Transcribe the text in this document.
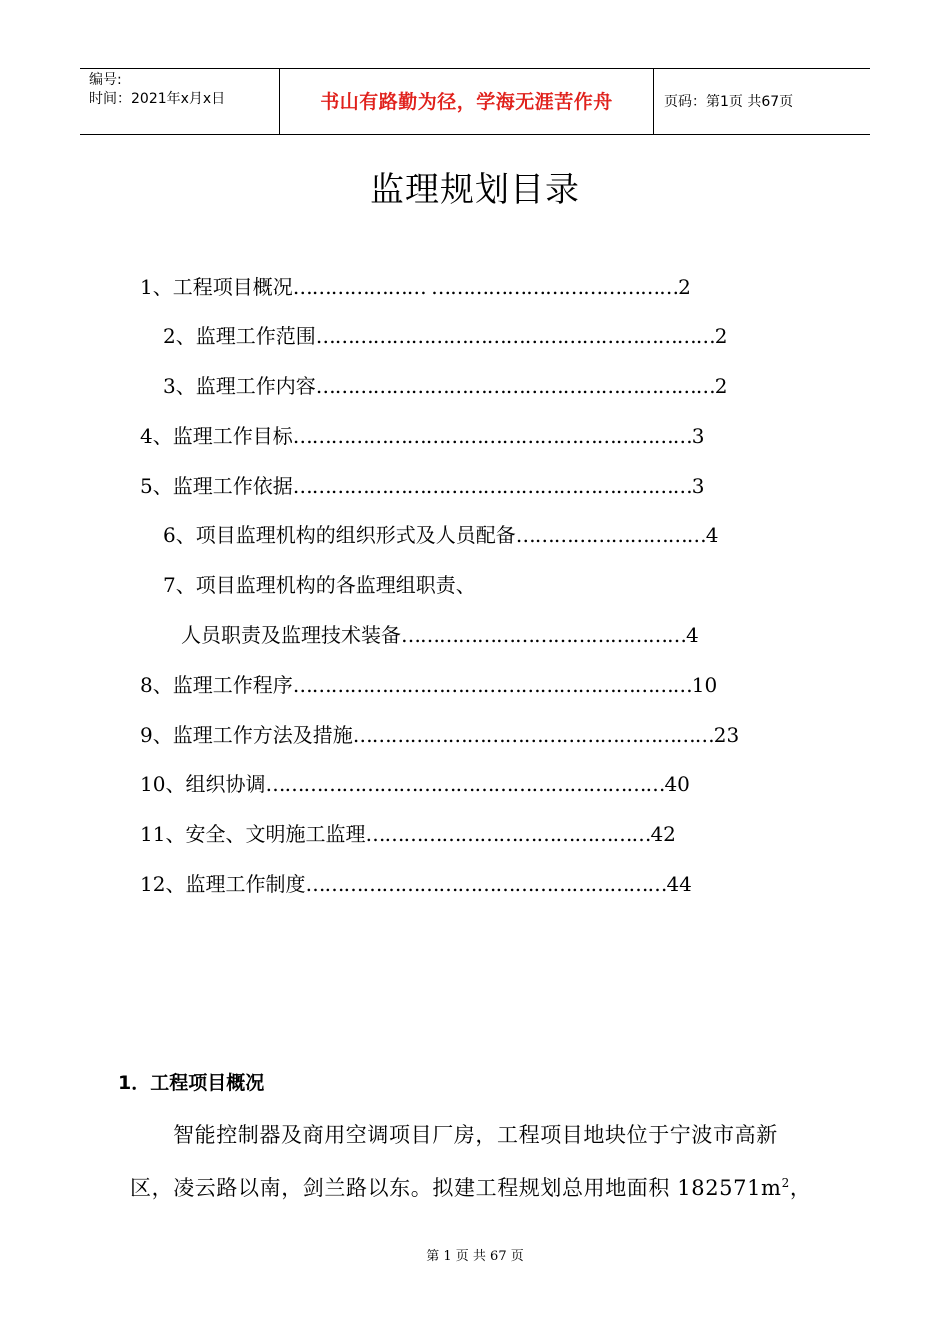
编号:
时间：2021年x月x日	书山有路勤为径，学海无涯苦作舟	页码：第1页 共67页
监理规划目录
1、工程项目概况 ………………… ………………………………… 2
2、监理工作范围 ……………………………………………………… 2
3、监理工作内容 ……………………………………………………… 2
4、监理工作目标 ……………………………………………………… 3
5、监理工作依据 ……………………………………………………… 3
6、项目监理机构的组织形式及人员配备 ………………………… 4
7、项目监理机构的各监理组职责、
人员职责及监理技术装备 ……………………………………… 4
8、监理工作程序 ……………………………………………………… 10
9、监理工作方法及措施 ………………………………………………… 23
10、组织协调 ……………………………………………………… 40
11、安全、文明施工监理 ……………………………………… 42
12、监理工作制度 ………………………………………………… 44
1．工程项目概况
智能控制器及商用空调项目厂房，工程项目地块位于宁波市高新
区，凌云路以南，剑兰路以东。拟建工程规划总用地面积 $182571m^2$，
第 1 页 共 67 页
